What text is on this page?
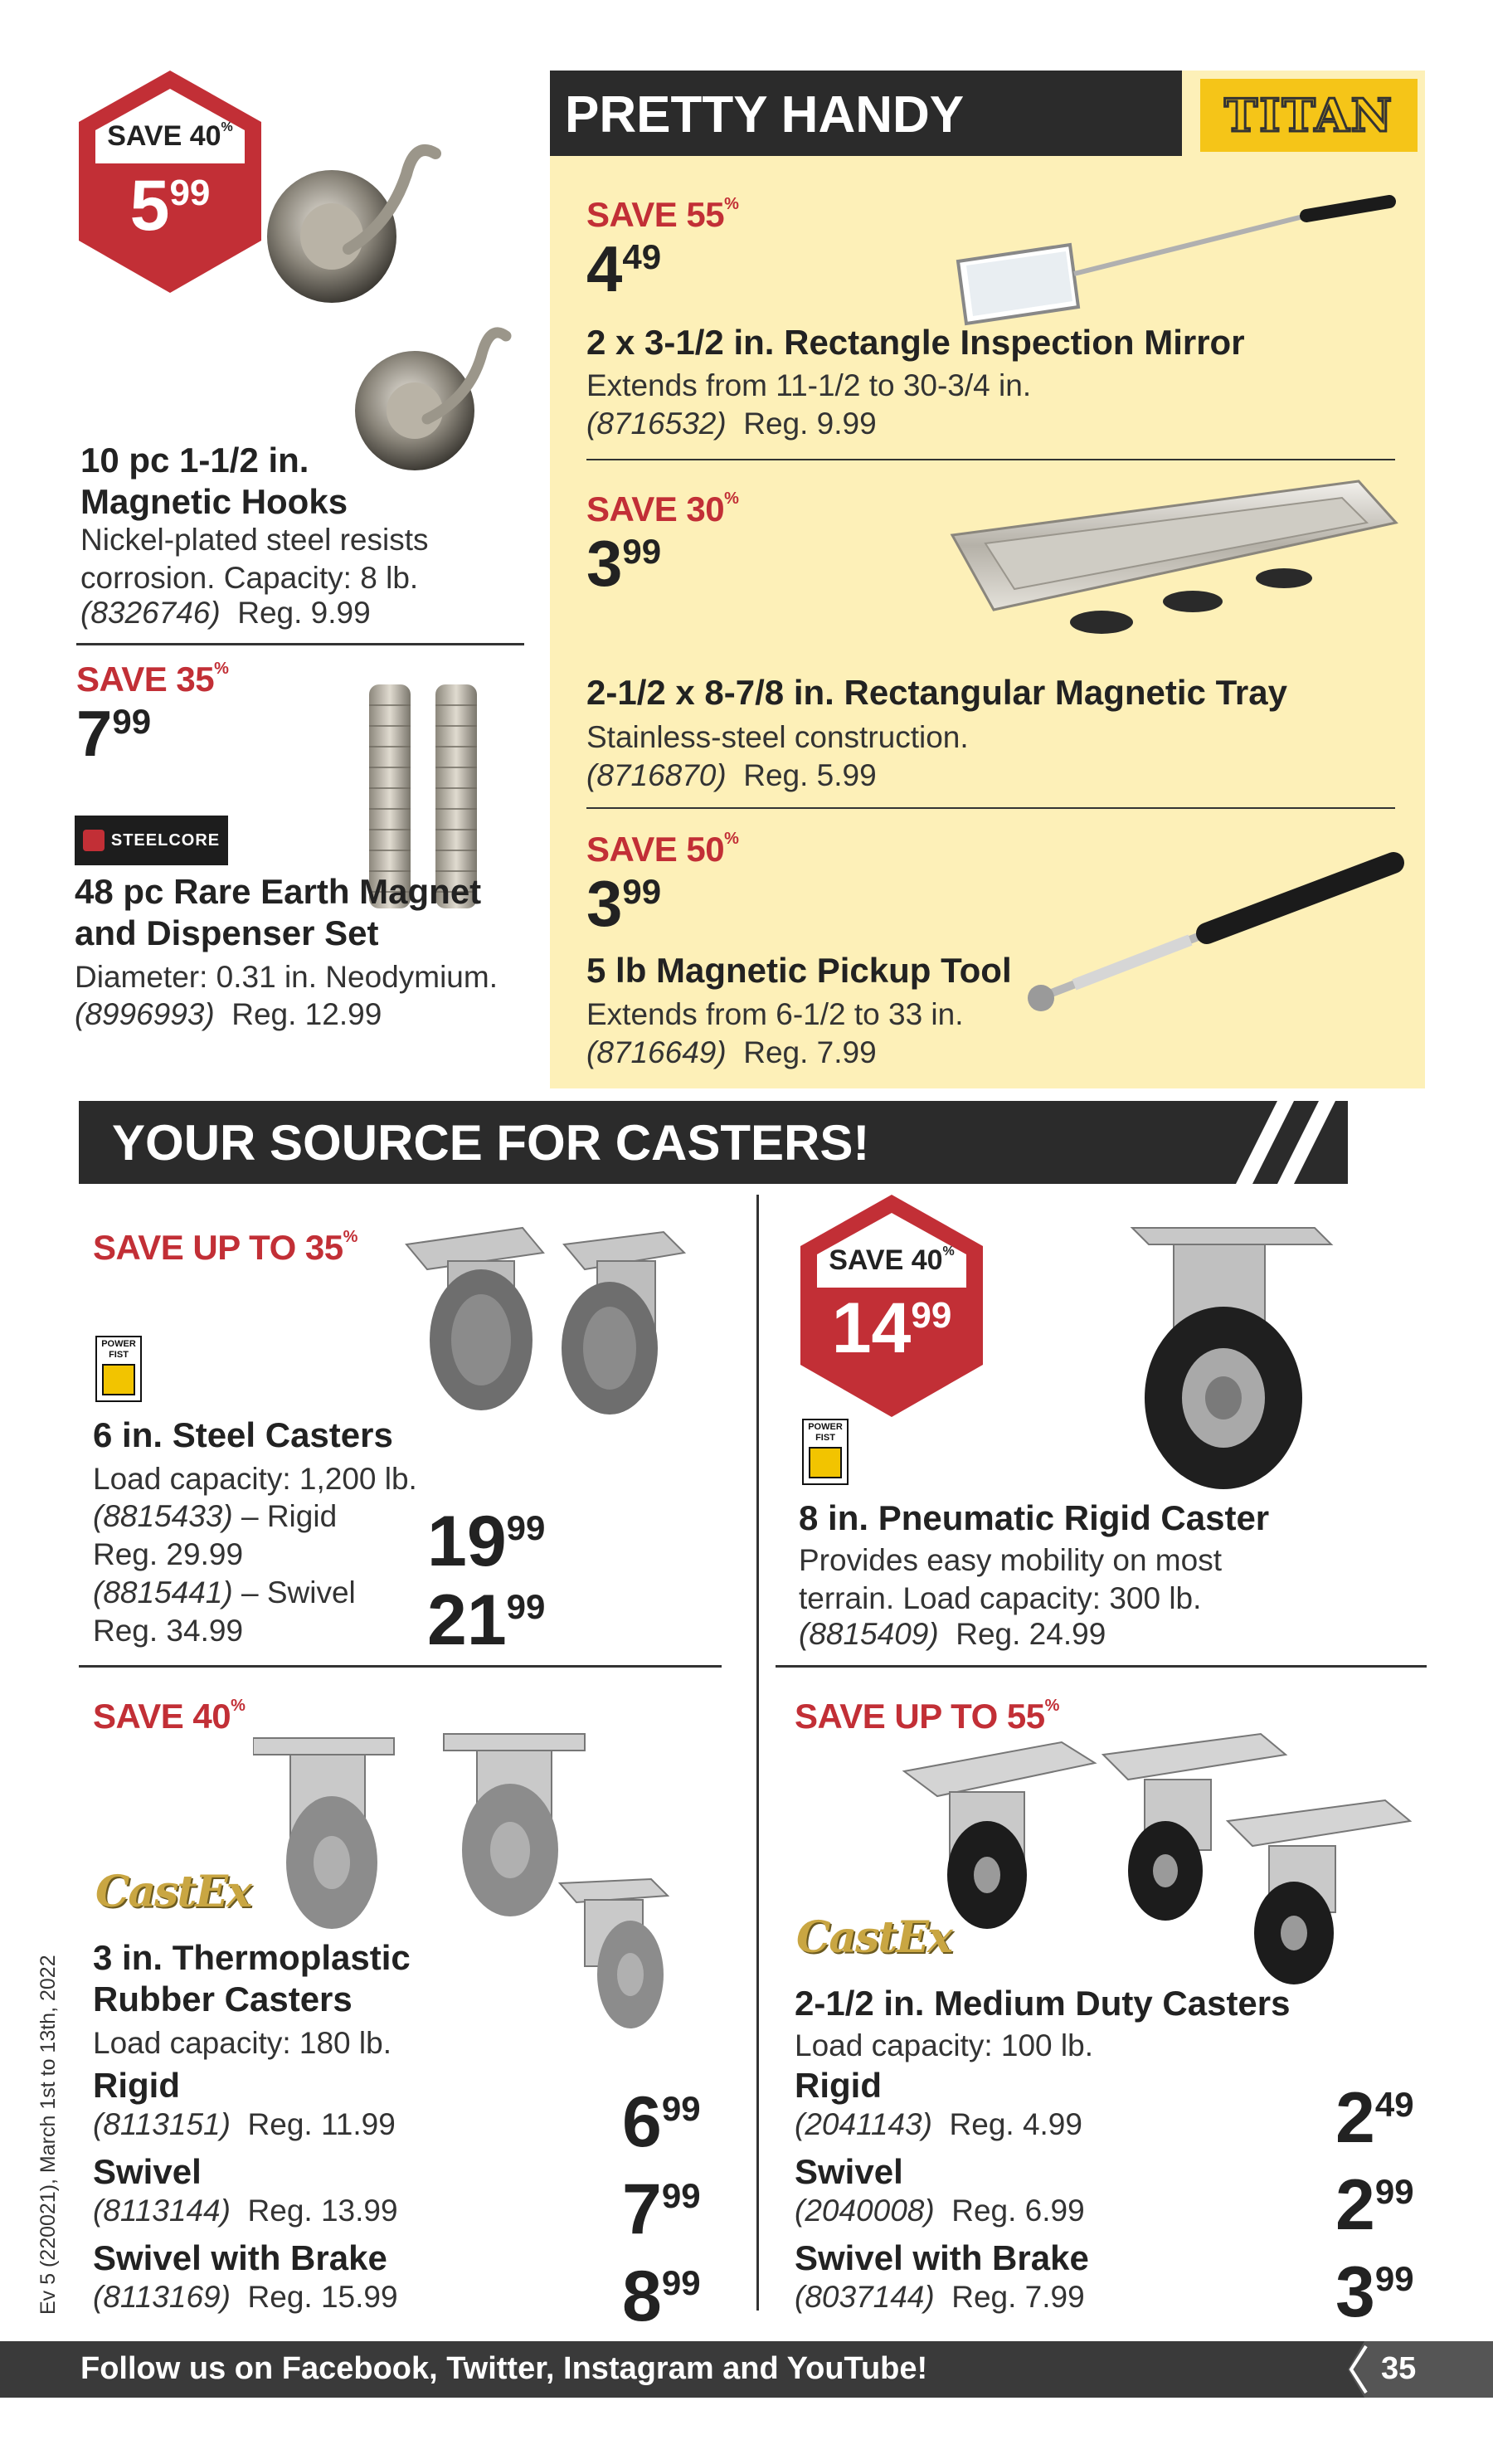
SAVE 40%
599
10 pc 1-1/2 in. Magnetic Hooks
Nickel-plated steel resists corrosion. Capacity: 8 lb.
(8326746) Reg. 9.99
SAVE 35%
799
STEELCORE
48 pc Rare Earth Magnet and Dispenser Set
Diameter: 0.31 in. Neodymium.
(8996993) Reg. 12.99
PRETTY HANDY	TITAN
SAVE 55%
449
2 x 3-1/2 in. Rectangle Inspection Mirror
Extends from 11-1/2 to 30-3/4 in.
(8716532) Reg. 9.99
SAVE 30%
399
2-1/2 x 8-7/8 in. Rectangular Magnetic Tray
Stainless-steel construction.
(8716870) Reg. 5.99
SAVE 50%
399
5 lb Magnetic Pickup Tool
Extends from 6-1/2 to 33 in.
(8716649) Reg. 7.99
YOUR SOURCE FOR CASTERS!
SAVE UP TO 35%
POWER FIST
6 in. Steel Casters
Load capacity: 1,200 lb.
(8815433) – Rigid
Reg. 29.99	1999
(8815441) – Swivel
Reg. 34.99	2199
SAVE 40%
1499
POWER FIST
8 in. Pneumatic Rigid Caster
Provides easy mobility on most terrain. Load capacity: 300 lb.
(8815409) Reg. 24.99
SAVE 40%
CastEx
3 in. Thermoplastic Rubber Casters
Load capacity: 180 lb.
Rigid
(8113151) Reg. 11.99	699
Swivel
(8113144) Reg. 13.99	799
Swivel with Brake
(8113169) Reg. 15.99	899
SAVE UP TO 55%
CastEx
2-1/2 in. Medium Duty Casters
Load capacity: 100 lb.
Rigid
(2041143) Reg. 4.99	249
Swivel
(2040008) Reg. 6.99	299
Swivel with Brake
(8037144) Reg. 7.99	399
Ev 5 (220021), March 1st to 13th, 2022
Follow us on Facebook, Twitter, Instagram and YouTube!	35
